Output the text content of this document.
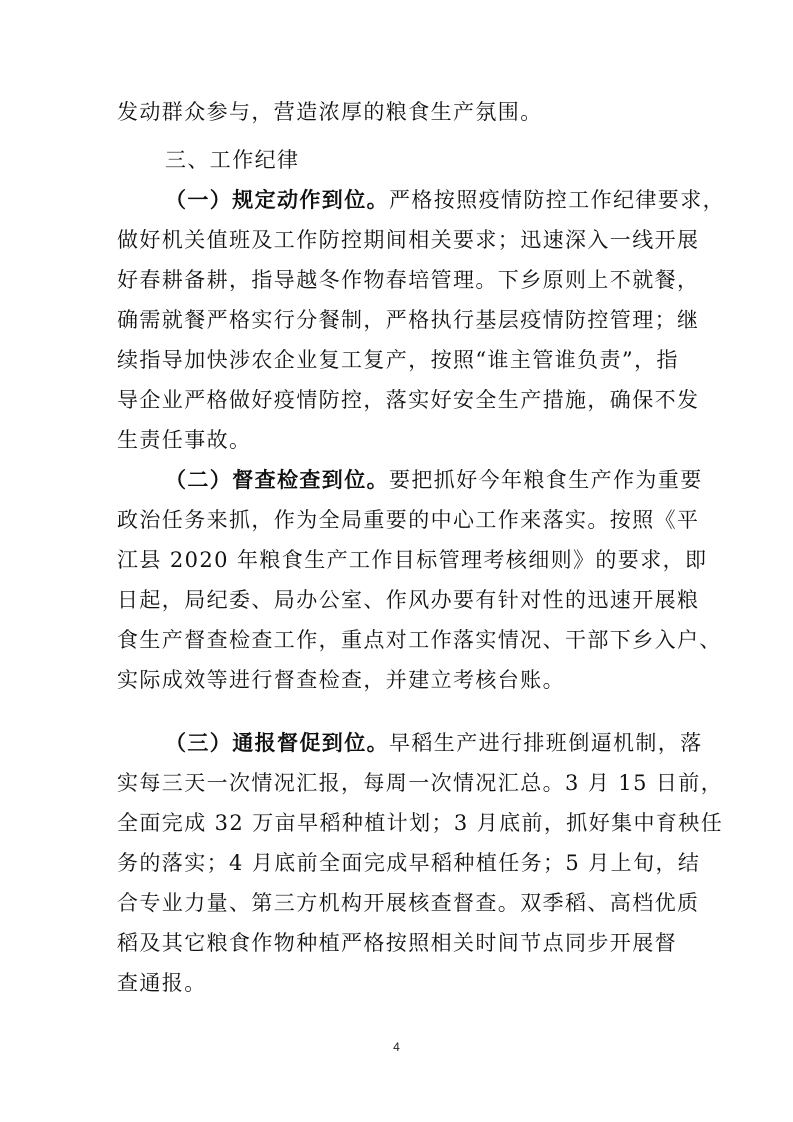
发动群众参与，营造浓厚的粮食生产氛围。
三、工作纪律
（一）规定动作到位。严格按照疫情防控工作纪律要求，
做好机关值班及工作防控期间相关要求；迅速深入一线开展
好春耕备耕，指导越冬作物春培管理。下乡原则上不就餐，
确需就餐严格实行分餐制，严格执行基层疫情防控管理；继
续指导加快涉农企业复工复产，按照“谁主管谁负责”，指
导企业严格做好疫情防控，落实好安全生产措施，确保不发
生责任事故。
（二）督查检查到位。要把抓好今年粮食生产作为重要
政治任务来抓，作为全局重要的中心工作来落实。按照《平
江县 2020 年粮食生产工作目标管理考核细则》的要求，即
日起，局纪委、局办公室、作风办要有针对性的迅速开展粮
食生产督查检查工作，重点对工作落实情况、干部下乡入户、
实际成效等进行督查检查，并建立考核台账。
（三）通报督促到位。早稻生产进行排班倒逼机制，落
实每三天一次情况汇报，每周一次情况汇总。3 月 15 日前，
全面完成 32 万亩早稻种植计划；3 月底前，抓好集中育秧任
务的落实；4 月底前全面完成早稻种植任务；5 月上旬，结
合专业力量、第三方机构开展核查督查。双季稻、高档优质
稻及其它粮食作物种植严格按照相关时间节点同步开展督
查通报。
4
